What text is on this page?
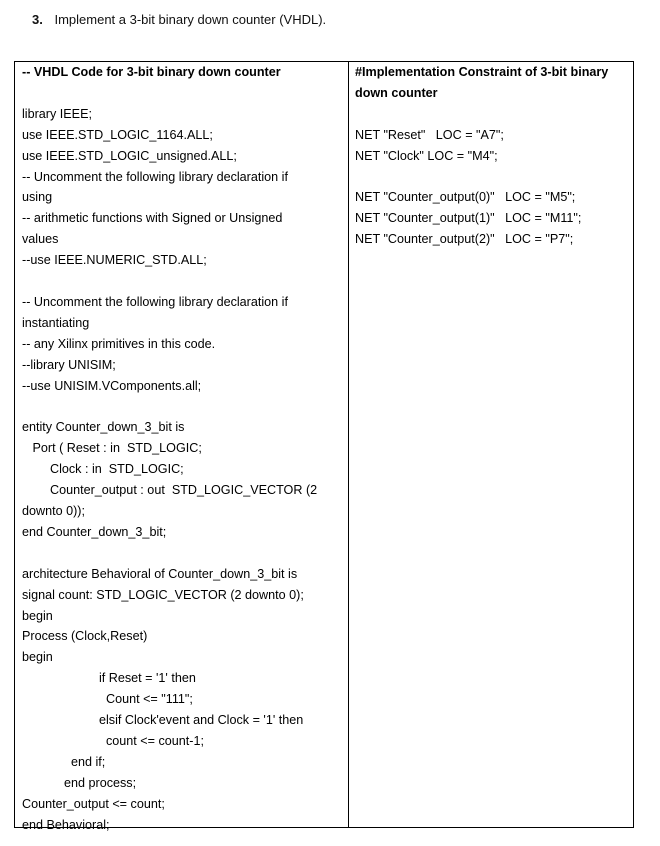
3. Implement a 3-bit binary down counter (VHDL).
-- VHDL Code for 3-bit binary down counter
library IEEE;
use IEEE.STD_LOGIC_1164.ALL;
use IEEE.STD_LOGIC_unsigned.ALL;
-- Uncomment the following library declaration if
using
-- arithmetic functions with Signed or Unsigned
values
--use IEEE.NUMERIC_STD.ALL;
-- Uncomment the following library declaration if
instantiating
-- any Xilinx primitives in this code.
--library UNISIM;
--use UNISIM.VComponents.all;
entity Counter_down_3_bit is
Port ( Reset : in  STD_LOGIC;
Clock : in  STD_LOGIC;
Counter_output : out  STD_LOGIC_VECTOR (2
downto 0));
end Counter_down_3_bit;
architecture Behavioral of Counter_down_3_bit is
signal count: STD_LOGIC_VECTOR (2 downto 0);
begin
Process (Clock,Reset)
begin
if Reset = '1' then
Count <= "111";
elsif Clock'event and Clock = '1' then
count <= count-1;
end if;
end process;
Counter_output <= count;
end Behavioral;
#Implementation Constraint of 3-bit binary down counter
NET "Reset"   LOC = "A7";
NET "Clock" LOC = "M4";
NET "Counter_output(0)"   LOC = "M5";
NET "Counter_output(1)"   LOC = "M11";
NET "Counter_output(2)"   LOC = "P7";
